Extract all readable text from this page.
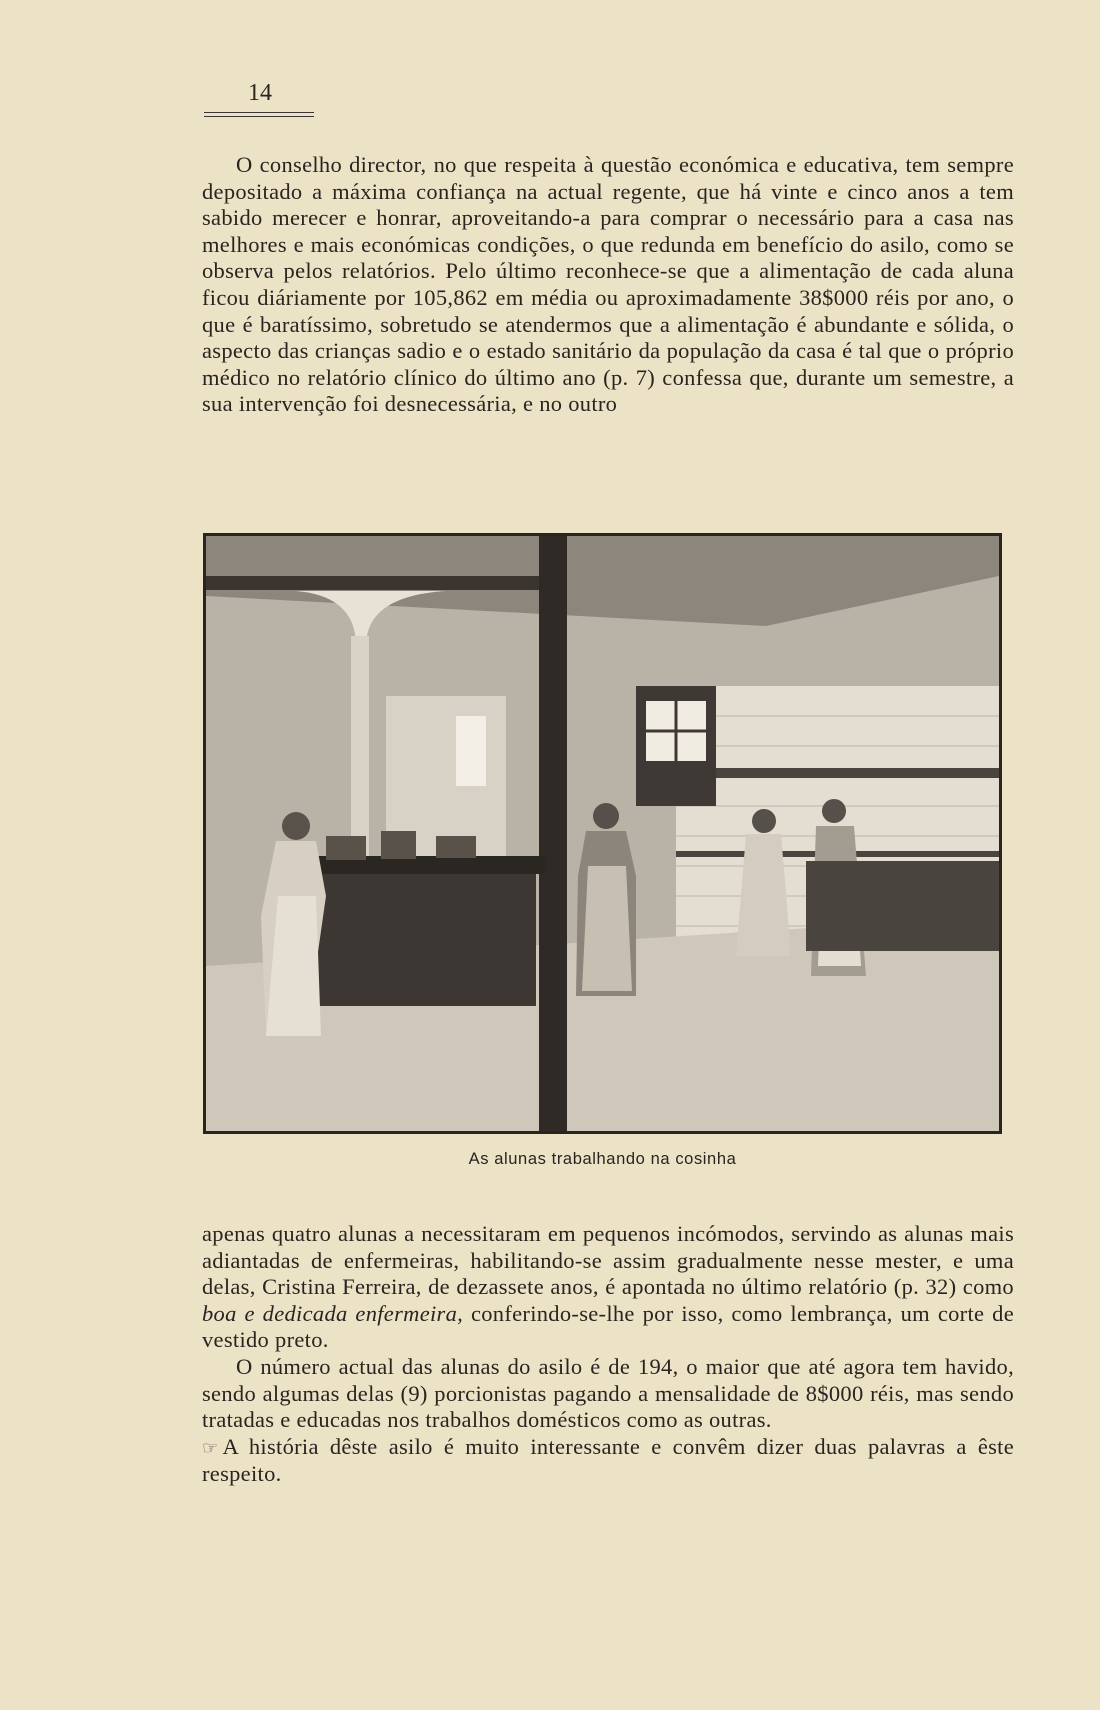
14

O conselho director, no que respeita à questão económica e educativa, tem sempre depositado a máxima confiança na actual regente, que há vinte e cinco anos a tem sabido merecer e honrar, aproveitando-a para comprar o necessário para a casa nas melhores e mais económicas condições, o que redunda em benefício do asilo, como se observa pelos relatórios. Pelo último reconhece-se que a alimentação de cada aluna ficou diáriamente por 105,862 em média ou aproximadamente 38$000 réis por ano, o que é baratíssimo, sobretudo se atendermos que a alimentação é abundante e sólida, o aspecto das crianças sadio e o estado sanitário da população da casa é tal que o próprio médico no relatório clínico do último ano (p. 7) confessa que, durante um semestre, a sua intervenção foi desnecessária, e no outro

As alunas trabalhando na cosinha

apenas quatro alunas a necessitaram em pequenos incómodos, servindo as alunas mais adiantadas de enfermeiras, habilitando-se assim gradualmente nesse mester, e uma delas, Cristina Ferreira, de dezassete anos, é apontada no último relatório (p. 32) como boa e dedicada enfermeira, conferindo-se-lhe por isso, como lembrança, um corte de vestido preto.

O número actual das alunas do asilo é de 194, o maior que até agora tem havido, sendo algumas delas (9) porcionistas pagando a mensalidade de 8$000 réis, mas sendo tratadas e educadas nos trabalhos domésticos como as outras.

☞ A história dêste asilo é muito interessante e convêm dizer duas palavras a êste respeito.
